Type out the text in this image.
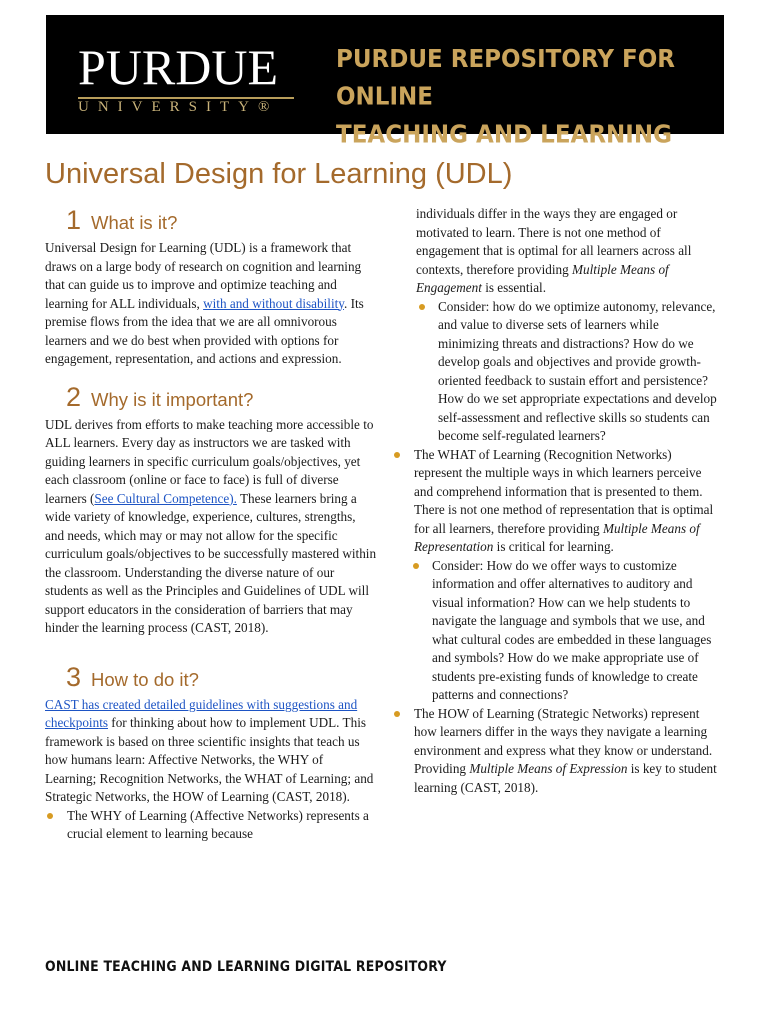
PURDUE
UNIVERSITY®
PURDUE REPOSITORY FOR ONLINE
TEACHING AND LEARNING
Universal Design for Learning (UDL)
1 What is it?

Universal Design for Learning (UDL) is a framework that draws on a large body of research on cognition and learning that can guide us to improve and optimize teaching and learning for ALL individuals, with and without disability. Its premise flows from the idea that we are all omnivorous learners and we do best when provided with options for engagement, representation, and actions and expression.

2 Why is it important?

UDL derives from efforts to make teaching more accessible to ALL learners. Every day as instructors we are tasked with guiding learners in specific curriculum goals/objectives, yet each classroom (online or face to face) is full of diverse learners (See Cultural Competence). These learners bring a wide variety of knowledge, experience, cultures, strengths, and needs, which may or may not allow for the specific curriculum goals/objectives to be successfully mastered within the classroom. Understanding the diverse nature of our students as well as the Principles and Guidelines of UDL will support educators in the consideration of barriers that may hinder the learning process (CAST, 2018).

3 How to do it?

CAST has created detailed guidelines with suggestions and checkpoints for thinking about how to implement UDL. This framework is based on three scientific insights that teach us how humans learn: Affective Networks, the WHY of Learning; Recognition Networks, the WHAT of Learning; and Strategic Networks, the HOW of Learning (CAST, 2018).

The WHY of Learning (Affective Networks) represents a crucial element to learning because

individuals differ in the ways they are engaged or motivated to learn. There is not one method of engagement that is optimal for all learners across all contexts, therefore providing Multiple Means of Engagement is essential.

Consider: how do we optimize autonomy, relevance, and value to diverse sets of learners while minimizing threats and distractions? How do we develop goals and objectives and provide growth-oriented feedback to sustain effort and persistence? How do we set appropriate expectations and develop self-assessment and reflective skills so students can become self-regulated learners?
The WHAT of Learning (Recognition Networks) represent the multiple ways in which learners perceive and comprehend information that is presented to them. There is not one method of representation that is optimal for all learners, therefore providing Multiple Means of Representation is critical for learning.
Consider: How do we offer ways to customize information and offer alternatives to auditory and visual information? How can we help students to navigate the language and symbols that we use, and what cultural codes are embedded in these languages and symbols? How do we make appropriate use of students pre-existing funds of knowledge to create patterns and connections?
The HOW of Learning (Strategic Networks) represent how learners differ in the ways they navigate a learning environment and express what they know or understand. Providing Multiple Means of Expression is key to student learning (CAST, 2018).
ONLINE TEACHING AND LEARNING DIGITAL REPOSITORY
